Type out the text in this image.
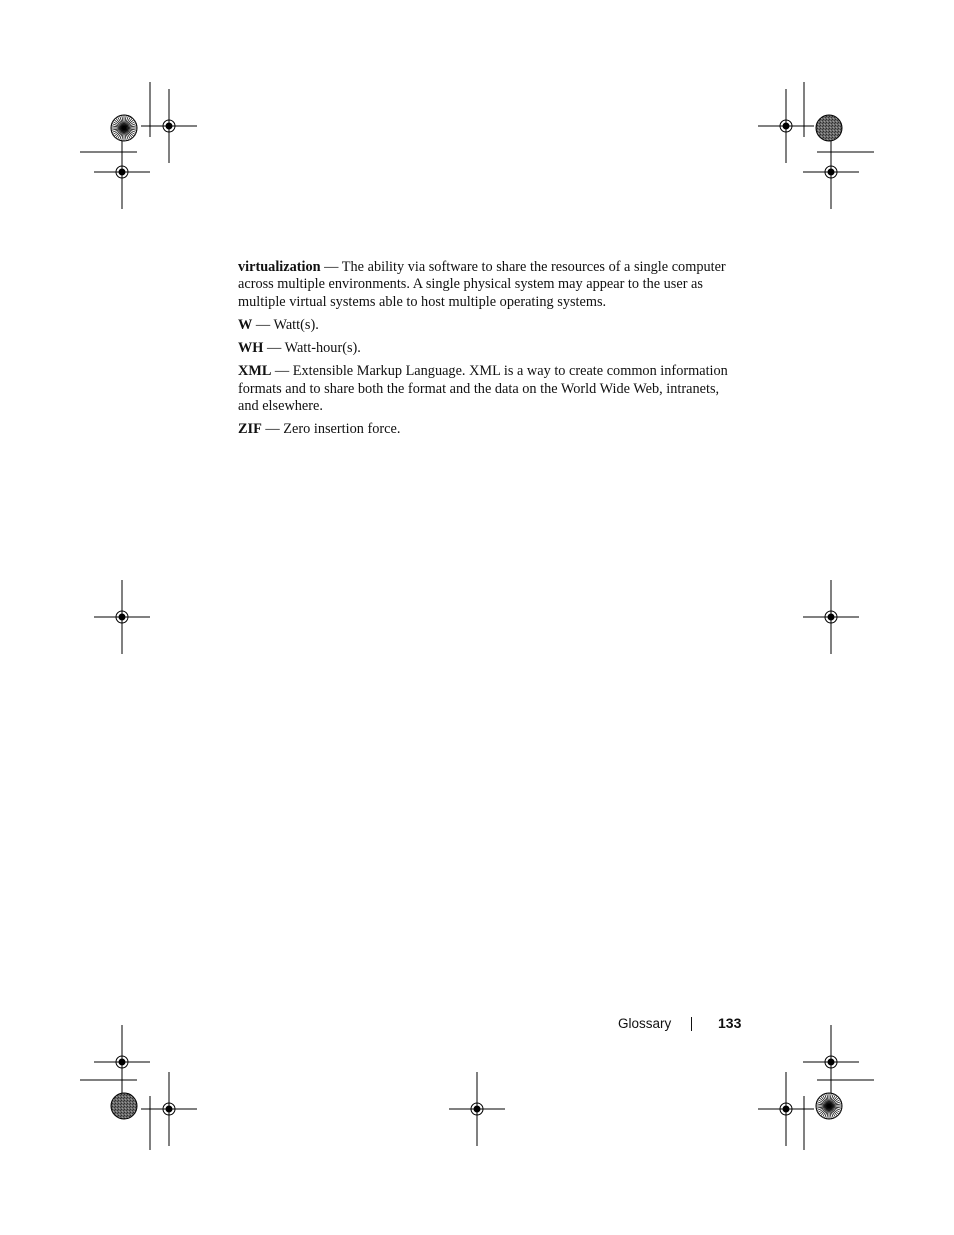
virtualization — The ability via software to share the resources of a single computer across multiple environments. A single physical system may appear to the user as multiple virtual systems able to host multiple operating systems.

W — Watt(s).

WH — Watt-hour(s).

XML — Extensible Markup Language. XML is a way to create common information formats and to share both the format and the data on the World Wide Web, intranets, and elsewhere.

ZIF — Zero insertion force.

Glossary	133
